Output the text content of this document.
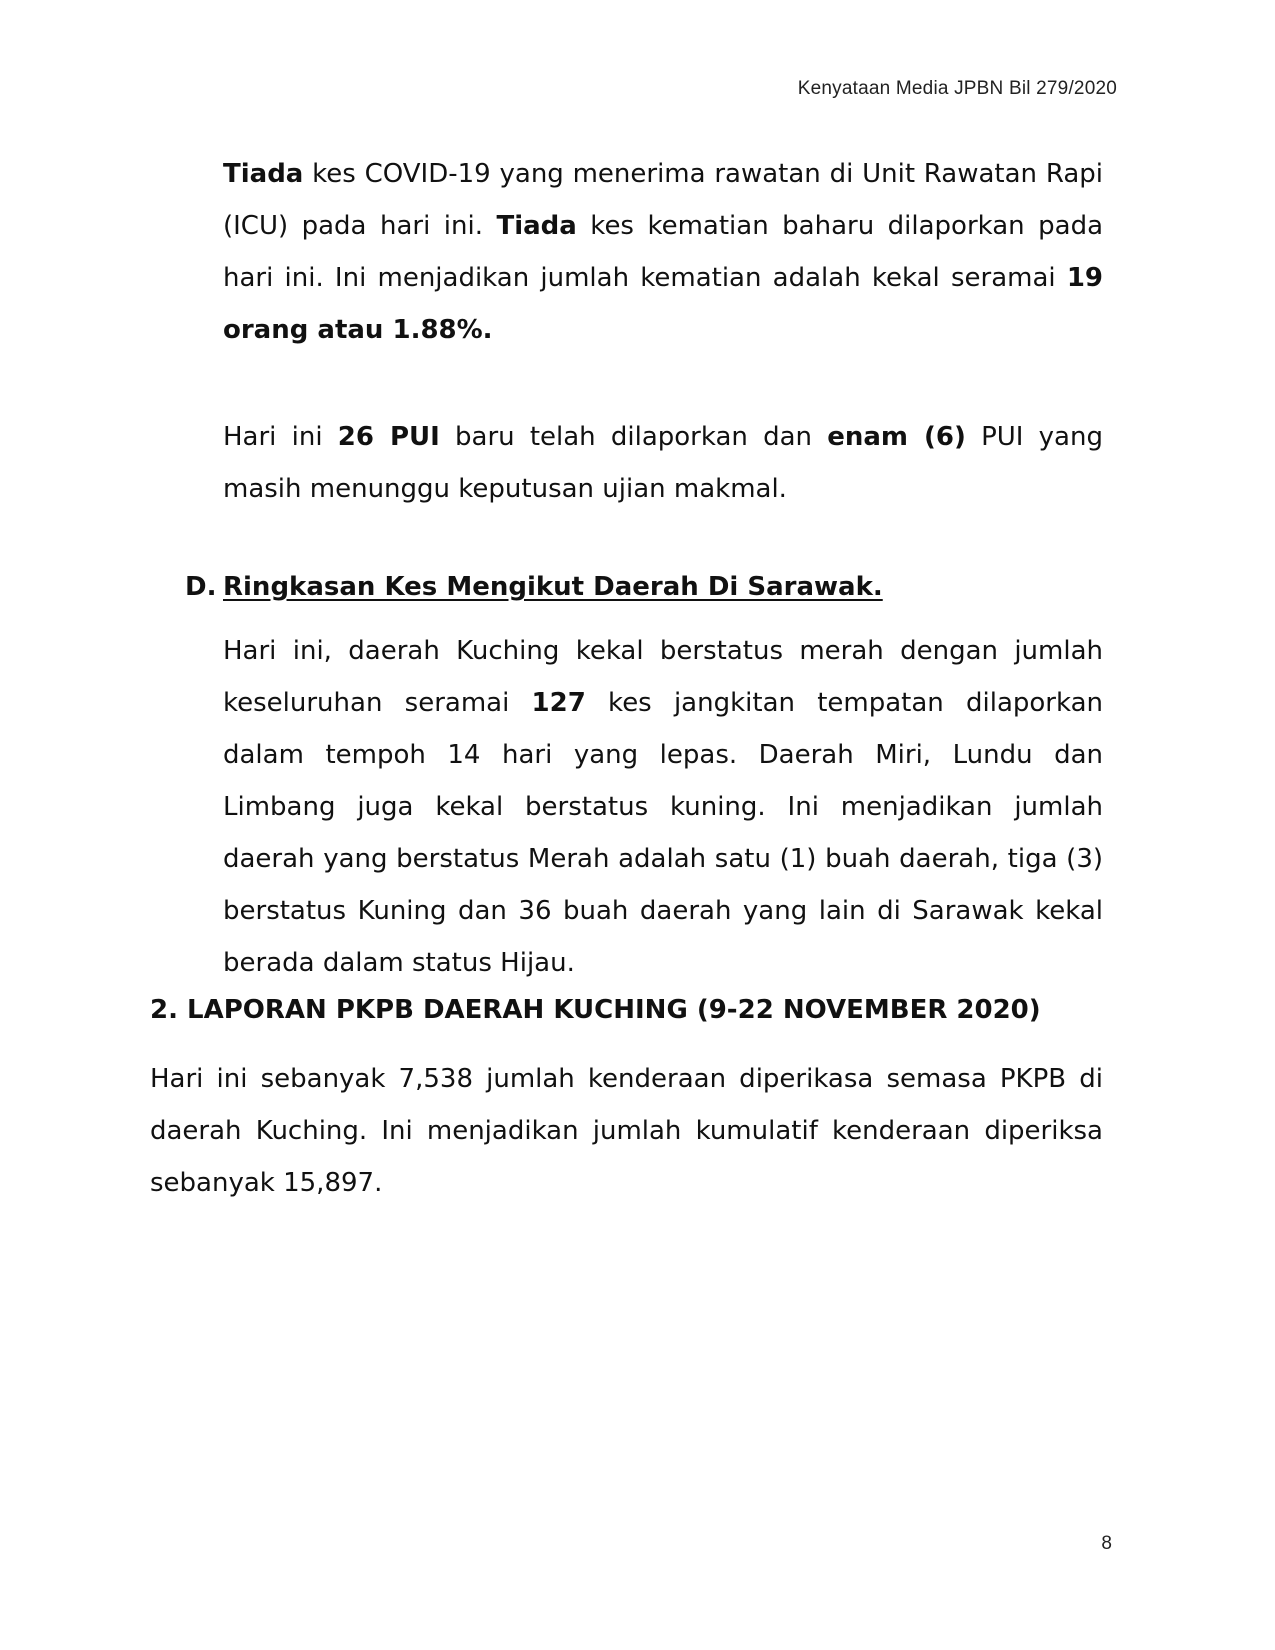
Kenyataan Media JPBN Bil 279/2020

Tiada kes COVID-19 yang menerima rawatan di Unit Rawatan Rapi (ICU) pada hari ini. Tiada kes kematian baharu dilaporkan pada hari ini. Ini menjadikan jumlah kematian adalah kekal seramai 19 orang atau 1.88%.

Hari ini 26 PUI baru telah dilaporkan dan enam (6) PUI yang masih menunggu keputusan ujian makmal.

D. Ringkasan Kes Mengikut Daerah Di Sarawak.

Hari ini, daerah Kuching kekal berstatus merah dengan jumlah keseluruhan seramai 127 kes jangkitan tempatan dilaporkan dalam tempoh 14 hari yang lepas. Daerah Miri, Lundu dan Limbang juga kekal berstatus kuning. Ini menjadikan jumlah daerah yang berstatus Merah adalah satu (1) buah daerah, tiga (3) berstatus Kuning dan 36 buah daerah yang lain di Sarawak kekal berada dalam status Hijau.

2. LAPORAN PKPB DAERAH KUCHING (9-22 NOVEMBER 2020)

Hari ini sebanyak 7,538 jumlah kenderaan diperikasa semasa PKPB di daerah Kuching. Ini menjadikan jumlah kumulatif kenderaan diperiksa sebanyak 15,897.

8
